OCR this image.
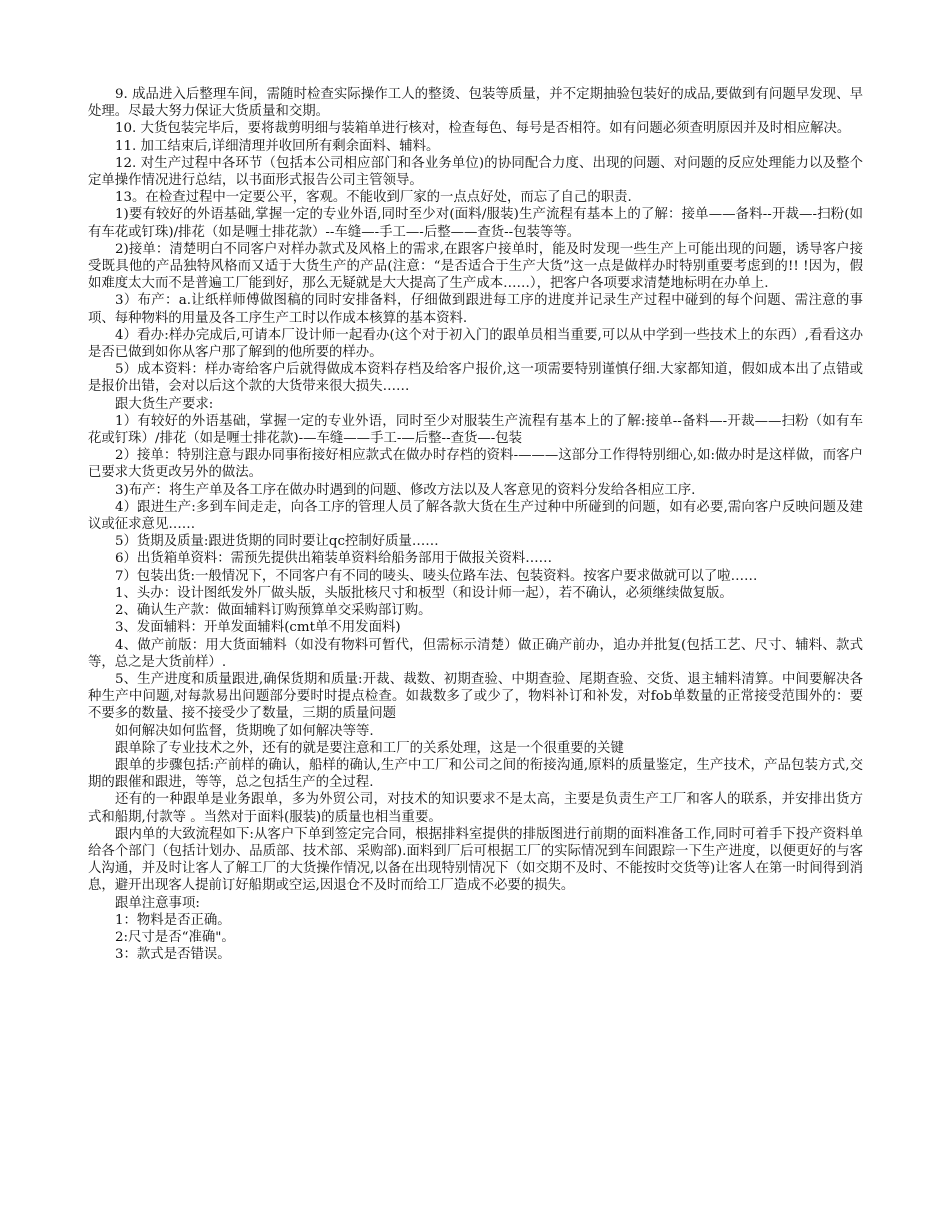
9. 成品进入后整理车间，需随时检查实际操作工人的整烫、包装等质量，并不定期抽验包装好的成品,要做到有问题早发现、早处理。尽最大努力保证大货质量和交期。

10. 大货包装完毕后，要将裁剪明细与装箱单进行核对，检查每色、每号是否相符。如有问题必须查明原因并及时相应解决。

11. 加工结束后,详细清理并收回所有剩余面料、辅料。

12. 对生产过程中各环节（包括本公司相应部门和各业务单位)的协同配合力度、出现的问题、对问题的反应处理能力以及整个定单操作情况进行总结，以书面形式报告公司主管领导。

13。在检查过程中一定要公平，客观。不能收到厂家的一点点好处，而忘了自己的职责.

1)要有较好的外语基础,掌握一定的专业外语,同时至少对(面料/服装)生产流程有基本上的了解：接单——备料--开裁—-扫粉(如有车花或钉珠)/排花（如是喱士排花款）--车缝—-手工—-后整——查货--包装等等。

2)接单：清楚明白不同客户对样办款式及风格上的需求,在跟客户接单时，能及时发现一些生产上可能出现的问题，诱导客户接受既具他的产品独特风格而又适于大货生产的产品(注意：“是否适合于生产大货”这一点是做样办时特别重要考虑到的!! !因为，假如难度太大而不是普遍工厂能到好，那么无疑就是大大提高了生产成本……），把客户各项要求清楚地标明在办单上.

3）布产：a.让纸样师傅做图稿的同时安排备料，仔细做到跟进每工序的进度并记录生产过程中碰到的每个问题、需注意的事项、每种物料的用量及各工序生产工时以作成本核算的基本资料.

4）看办:样办完成后,可请本厂设计师一起看办(这个对于初入门的跟单员相当重要,可以从中学到一些技术上的东西）,看看这办是否已做到如你从客户那了解到的他所要的样办。

5）成本资料：样办寄给客户后就得做成本资料存档及给客户报价,这一项需要特别谨慎仔细.大家都知道，假如成本出了点错或是报价出错，会对以后这个款的大货带来很大损失……

跟大货生产要求:

1）有较好的外语基础，掌握一定的专业外语，同时至少对服装生产流程有基本上的了解:接单--备料—-开裁——扫粉（如有车花或钉珠）/排花（如是喱士排花款)-—车缝——手工-—后整--查货—-包装

2）接单：特别注意与跟办同事衔接好相应款式在做办时存档的资料-———这部分工作得特别细心,如:做办时是这样做，而客户已要求大货更改另外的做法。

3)布产：将生产单及各工序在做办时遇到的问题、修改方法以及人客意见的资料分发给各相应工序.

4）跟进生产:多到车间走走，向各工序的管理人员了解各款大货在生产过种中所碰到的问题，如有必要,需向客户反映问题及建议或征求意见……

5）货期及质量:跟进货期的同时要让qc控制好质量……

6）出货箱单资料：需预先提供出箱装单资料给船务部用于做报关资料……

7）包装出货:一般情况下，不同客户有不同的唛头、唛头位路车法、包装资料。按客户要求做就可以了啦……

1、头办：设计图纸发外厂做头版，头版批核尺寸和板型（和设计师一起），若不确认，必须继续做复版。

2、确认生产款：做面辅料订购预算单交采购部订购。

3、发面辅料：开单发面辅料(cmt单不用发面料)

4、做产前版：用大货面辅料（如没有物料可暂代，但需标示清楚）做正确产前办，追办并批复(包括工艺、尺寸、辅料、款式等，总之是大货前样）.

5、生产进度和质量跟进,确保货期和质量:开裁、裁数、初期查验、中期查验、尾期查验、交货、退主辅料清算。中间要解决各种生产中问题,对每款易出问题部分要时时提点检查。如裁数多了或少了，物料补订和补发，对fob单数量的正常接受范围外的：要不要多的数量、接不接受少了数量，三期的质量问题

如何解决如何监督，货期晚了如何解决等等.

跟单除了专业技术之外，还有的就是要注意和工厂的关系处理，这是一个很重要的关键

跟单的步骤包括:产前样的确认，船样的确认,生产中工厂和公司之间的衔接沟通,原料的质量鉴定，生产技术，产品包装方式,交期的跟催和跟进，等等，总之包括生产的全过程.

还有的一种跟单是业务跟单，多为外贸公司，对技术的知识要求不是太高，主要是负责生产工厂和客人的联系，并安排出货方式和船期,付款等 。当然对于面料(服装)的质量也相当重要。

跟内单的大致流程如下:从客户下单到签定完合同，根据排料室提供的排版图进行前期的面料准备工作,同时可着手下投产资料单给各个部门（包括计划办、品质部、技术部、采购部).面料到厂后可根据工厂的实际情况到车间跟踪一下生产进度，以便更好的与客人沟通，并及时让客人了解工厂的大货操作情况,以备在出现特别情况下（如交期不及时、不能按时交货等)让客人在第一时间得到消息，避开出现客人提前订好船期或空运,因退仓不及时而给工厂造成不必要的损失。

跟单注意事项:

1：物料是否正确。

2:尺寸是否“准确"。

3：款式是否错误。
